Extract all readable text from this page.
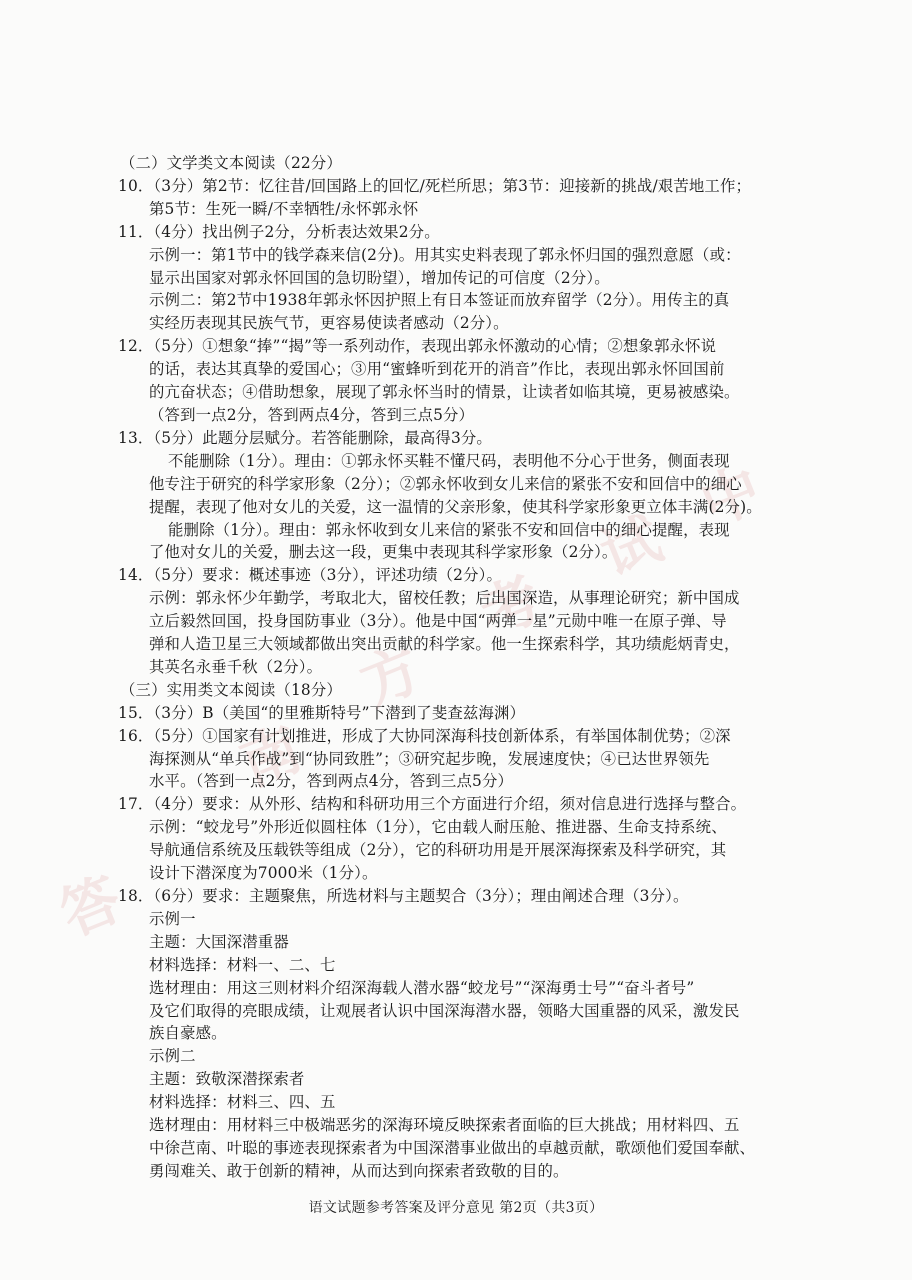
答
南
方
考
试
中
（二）文学类文本阅读（22分）
10．（3分）第2节：忆往昔/回国路上的回忆/死栏所思；第3节：迎接新的挑战/艰苦地工作；
第5节：生死一瞬/不幸牺牲/永怀郭永怀
11．（4分）找出例子2分，分析表达效果2分。
示例一：第1节中的钱学森来信(2分)。用其实史料表现了郭永怀归国的强烈意愿（或：
显示出国家对郭永怀回国的急切盼望），增加传记的可信度（2分）。
示例二：第2节中1938年郭永怀因护照上有日本签证而放弃留学（2分）。用传主的真
实经历表现其民族气节，更容易使读者感动（2分）。
12．（5分）①想象“捧”“揭”等一系列动作，表现出郭永怀激动的心情；②想象郭永怀说
的话，表达其真挚的爱国心；③用“蜜蜂听到花开的消音”作比，表现出郭永怀回国前
的亢奋状态；④借助想象，展现了郭永怀当时的情景，让读者如临其境，更易被感染。
（答到一点2分，答到两点4分，答到三点5分）
13．（5分）此题分层赋分。若答能删除，最高得3分。
不能删除（1分）。理由：①郭永怀买鞋不懂尺码，表明他不分心于世务，侧面表现
他专注于研究的科学家形象（2分）；②郭永怀收到女儿来信的紧张不安和回信中的细心
提醒，表现了他对女儿的关爱，这一温情的父亲形象，使其科学家形象更立体丰满(2分)。
能删除（1分）。理由：郭永怀收到女儿来信的紧张不安和回信中的细心提醒，表现
了他对女儿的关爱，删去这一段，更集中表现其科学家形象（2分）。
14．（5分）要求：概述事迹（3分），评述功绩（2分）。
示例：郭永怀少年勤学，考取北大，留校任教；后出国深造，从事理论研究；新中国成
立后毅然回国，投身国防事业（3分）。他是中国“两弹一星”元勋中唯一在原子弹、导
弹和人造卫星三大领域都做出突出贡献的科学家。他一生探索科学，其功绩彪炳青史，
其英名永垂千秋（2分）。
（三）实用类文本阅读（18分）
15．（3分）B（美国“的里雅斯特号”下潜到了斐查兹海渊）
16．（5分）①国家有计划推进，形成了大协同深海科技创新体系，有举国体制优势；②深
海探测从“单兵作战”到“协同致胜”；③研究起步晚，发展速度快；④已达世界领先
水平。（答到一点2分，答到两点4分，答到三点5分）
17．（4分）要求：从外形、结构和科研功用三个方面进行介绍，须对信息进行选择与整合。
示例：“蛟龙号”外形近似圆柱体（1分），它由载人耐压舱、推进器、生命支持系统、
导航通信系统及压载铁等组成（2分），它的科研功用是开展深海探索及科学研究，其
设计下潜深度为7000米（1分）。
18．（6分）要求：主题聚焦，所选材料与主题契合（3分）；理由阐述合理（3分）。
示例一
主题：大国深潜重器
材料选择：材料一、二、七
选材理由：用这三则材料介绍深海载人潜水器“蛟龙号”“深海勇士号”“奋斗者号”
及它们取得的亮眼成绩，让观展者认识中国深海潜水器，领略大国重器的风采，激发民
族自豪感。
示例二
主题：致敬深潜探索者
材料选择：材料三、四、五
选材理由：用材料三中极端恶劣的深海环境反映探索者面临的巨大挑战；用材料四、五
中徐芑南、叶聪的事迹表现探索者为中国深潜事业做出的卓越贡献，歌颂他们爱国奉献、
勇闯难关、敢于创新的精神，从而达到向探索者致敬的目的。
语文试题参考答案及评分意见 第2页（共3页）
